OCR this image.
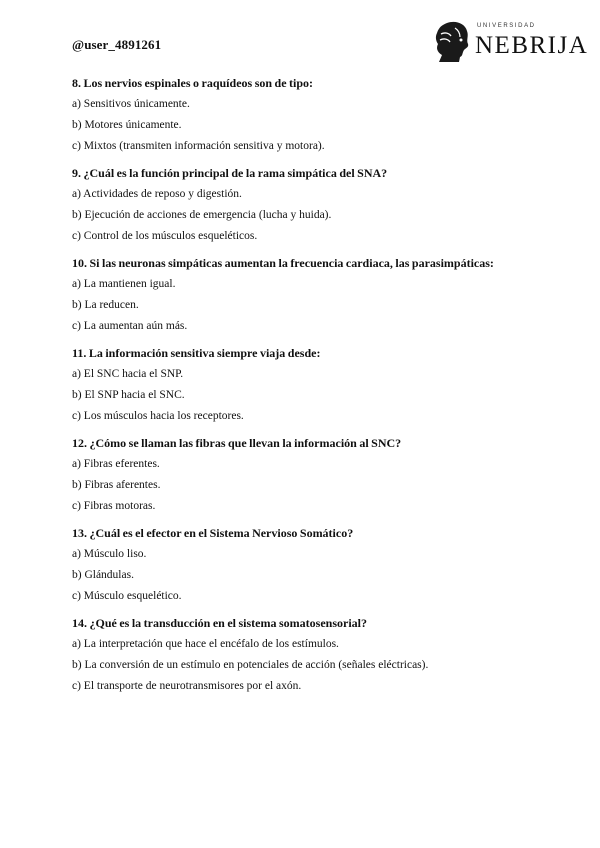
@user_4891261
UNIVERSIDAD
NEBRIJA
8. Los nervios espinales o raquídeos son de tipo:
a) Sensitivos únicamente.
b) Motores únicamente.
c) Mixtos (transmiten información sensitiva y motora).
9. ¿Cuál es la función principal de la rama simpática del SNA?
a) Actividades de reposo y digestión.
b) Ejecución de acciones de emergencia (lucha y huida).
c) Control de los músculos esqueléticos.
10. Si las neuronas simpáticas aumentan la frecuencia cardiaca, las parasimpáticas:
a) La mantienen igual.
b) La reducen.
c) La aumentan aún más.
11. La información sensitiva siempre viaja desde:
a) El SNC hacia el SNP.
b) El SNP hacia el SNC.
c) Los músculos hacia los receptores.
12. ¿Cómo se llaman las fibras que llevan la información al SNC?
a) Fibras eferentes.
b) Fibras aferentes.
c) Fibras motoras.
13. ¿Cuál es el efector en el Sistema Nervioso Somático?
a) Músculo liso.
b) Glándulas.
c) Músculo esquelético.
14. ¿Qué es la transducción en el sistema somatosensorial?
a) La interpretación que hace el encéfalo de los estímulos.
b) La conversión de un estímulo en potenciales de acción (señales eléctricas).
c) El transporte de neurotransmisores por el axón.
